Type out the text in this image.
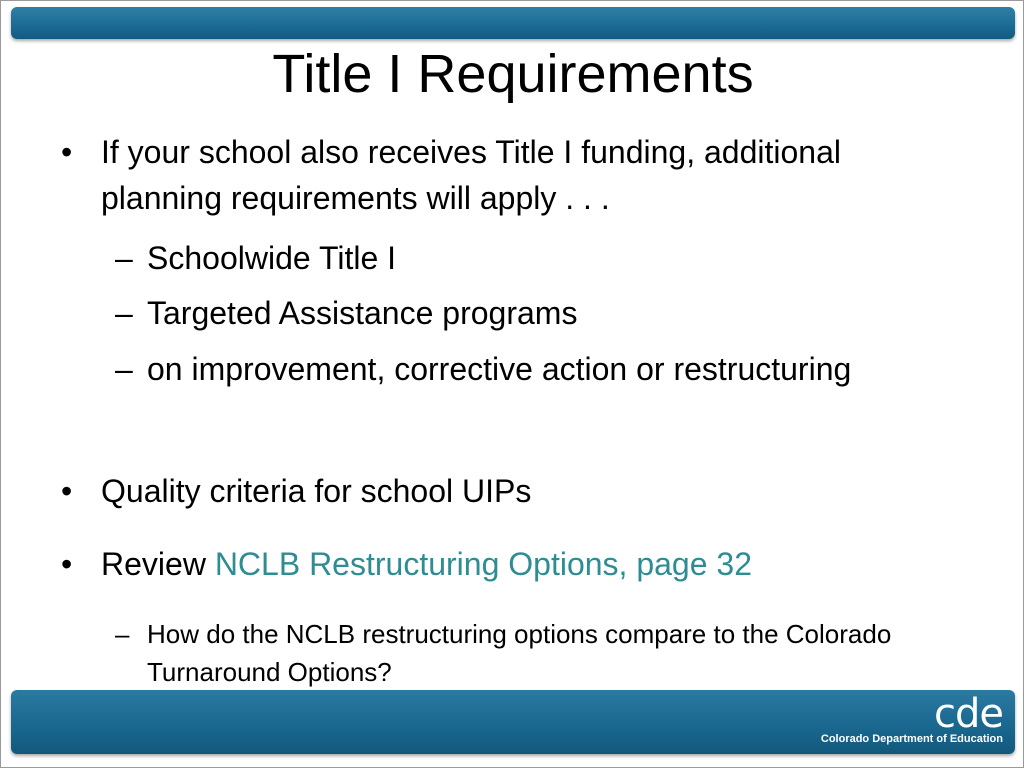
Title I Requirements
• If your school also receives Title I funding, additional planning requirements will apply . . .
– Schoolwide Title I
– Targeted Assistance programs
– on improvement, corrective action or restructuring
• Quality criteria for school UIPs
• Review NCLB Restructuring Options, page 32
– How do the NCLB restructuring options compare to the Colorado Turnaround Options?
cde
Colorado Department of Education
